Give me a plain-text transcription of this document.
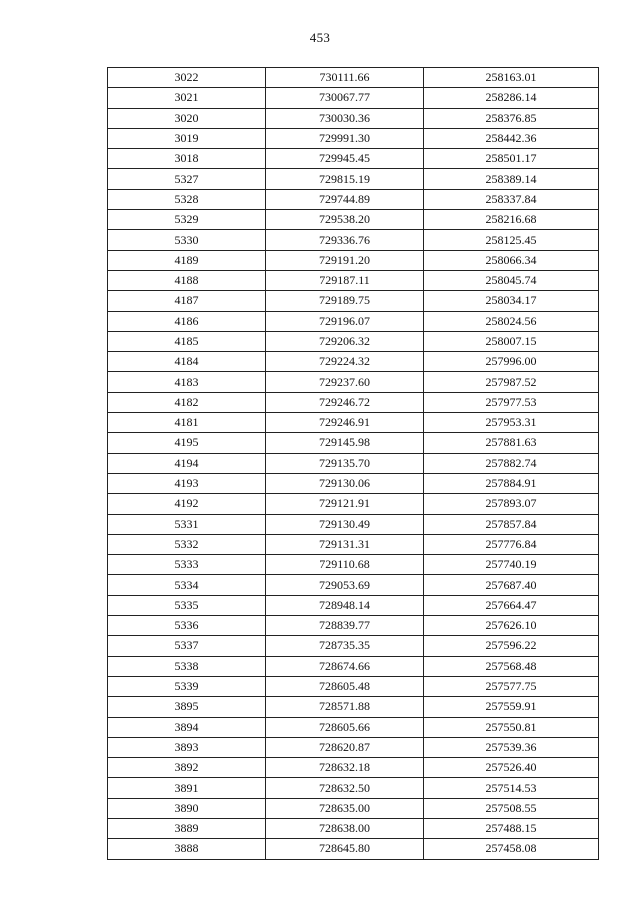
453
3022	730111.66	258163.01
3021	730067.77	258286.14
3020	730030.36	258376.85
3019	729991.30	258442.36
3018	729945.45	258501.17
5327	729815.19	258389.14
5328	729744.89	258337.84
5329	729538.20	258216.68
5330	729336.76	258125.45
4189	729191.20	258066.34
4188	729187.11	258045.74
4187	729189.75	258034.17
4186	729196.07	258024.56
4185	729206.32	258007.15
4184	729224.32	257996.00
4183	729237.60	257987.52
4182	729246.72	257977.53
4181	729246.91	257953.31
4195	729145.98	257881.63
4194	729135.70	257882.74
4193	729130.06	257884.91
4192	729121.91	257893.07
5331	729130.49	257857.84
5332	729131.31	257776.84
5333	729110.68	257740.19
5334	729053.69	257687.40
5335	728948.14	257664.47
5336	728839.77	257626.10
5337	728735.35	257596.22
5338	728674.66	257568.48
5339	728605.48	257577.75
3895	728571.88	257559.91
3894	728605.66	257550.81
3893	728620.87	257539.36
3892	728632.18	257526.40
3891	728632.50	257514.53
3890	728635.00	257508.55
3889	728638.00	257488.15
3888	728645.80	257458.08
